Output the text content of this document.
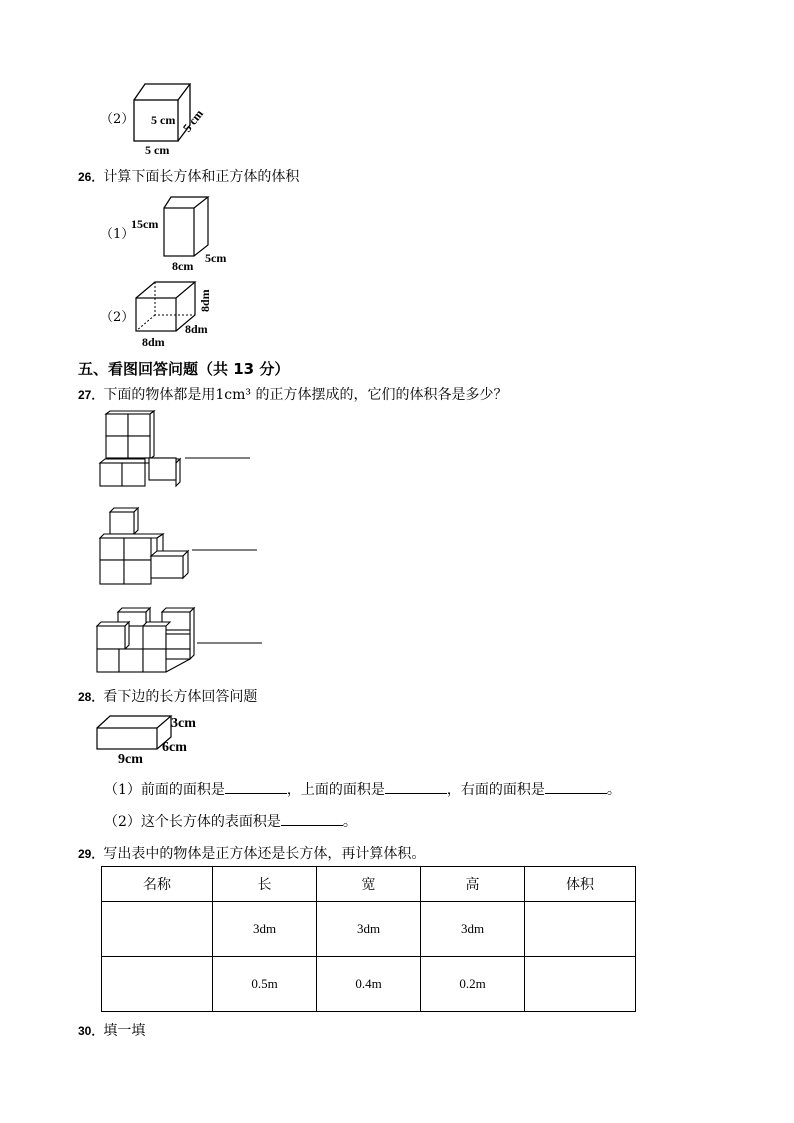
（2） 5 cm 5 cm
5 cm
26．计算下面长方体和正方体的体积
（1）
15cm
8cm
5cm
（2）
8dm
8dm
8dm
五、看图回答问题（共 13 分）
27．下面的物体都是用1cm³ 的正方体摆成的，它们的体积各是多少？
28．看下边的长方体回答问题
3cm
6cm
9cm
（1）前面的面积是	，上面的面积是	，右面的面积是	。
（2）这个长方体的表面积是	。
29．写出表中的物体是正方体还是长方体，再计算体积。
名称	长	宽	高	体积
	3dm	3dm	3dm	
	0.5m	0.4m	0.2m	
30．填一填
